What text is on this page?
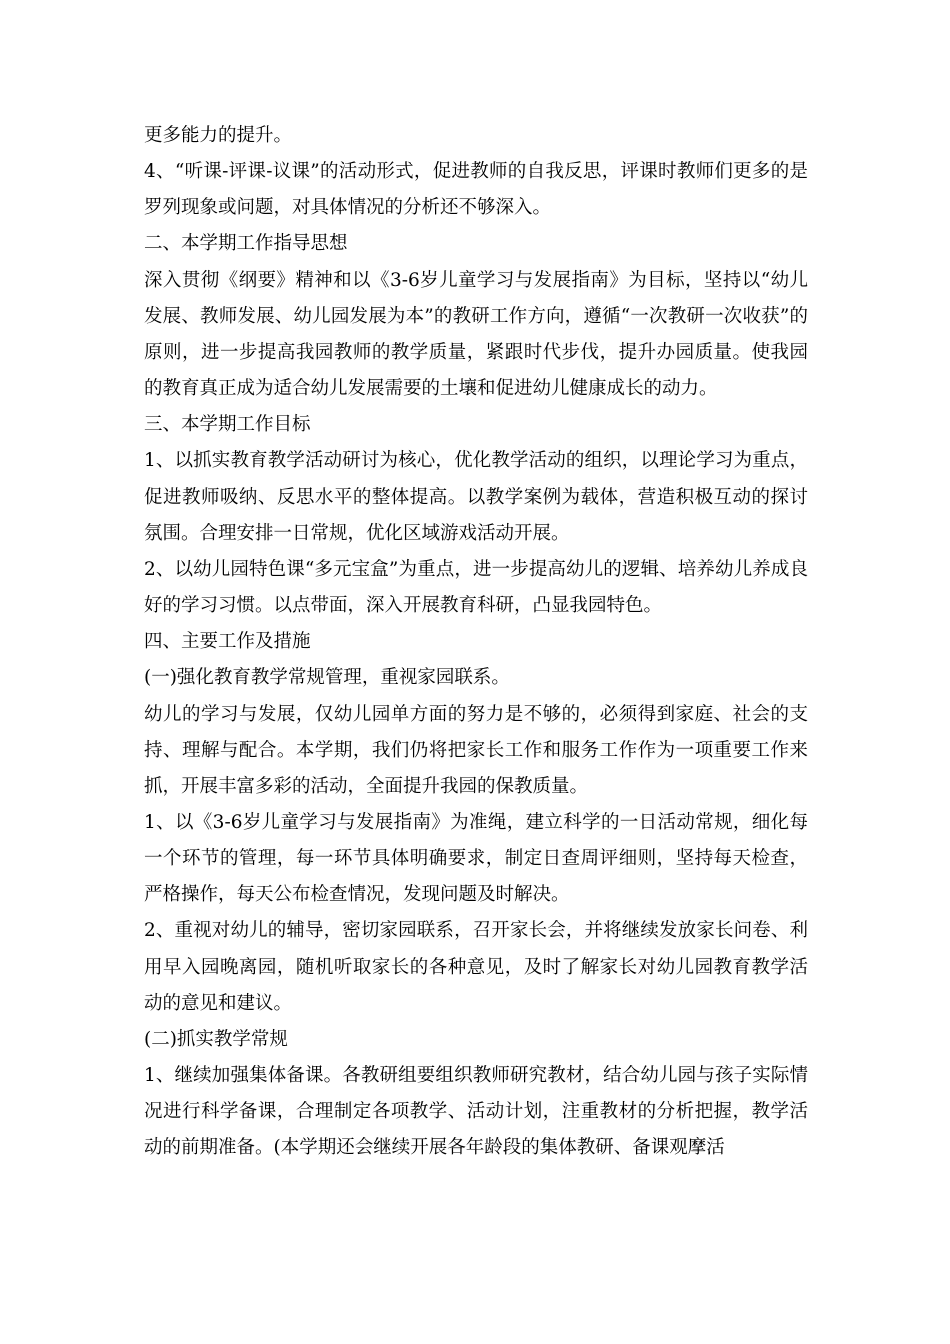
更多能力的提升。

4、“听课-评课-议课”的活动形式，促进教师的自我反思，评课时教师们更多的是罗列现象或问题，对具体情况的分析还不够深入。

二、本学期工作指导思想

深入贯彻《纲要》精神和以《3-6岁儿童学习与发展指南》为目标，坚持以“幼儿发展、教师发展、幼儿园发展为本”的教研工作方向，遵循“一次教研一次收获”的原则，进一步提高我园教师的教学质量，紧跟时代步伐，提升办园质量。使我园的教育真正成为适合幼儿发展需要的土壤和促进幼儿健康成长的动力。

三、本学期工作目标

1、以抓实教育教学活动研讨为核心，优化教学活动的组织，以理论学习为重点，促进教师吸纳、反思水平的整体提高。以教学案例为载体，营造积极互动的探讨氛围。合理安排一日常规，优化区域游戏活动开展。

2、以幼儿园特色课“多元宝盒”为重点，进一步提高幼儿的逻辑、培养幼儿养成良好的学习习惯。以点带面，深入开展教育科研，凸显我园特色。

四、主要工作及措施

(一)强化教育教学常规管理，重视家园联系。

幼儿的学习与发展，仅幼儿园单方面的努力是不够的，必须得到家庭、社会的支持、理解与配合。本学期，我们仍将把家长工作和服务工作作为一项重要工作来抓，开展丰富多彩的活动，全面提升我园的保教质量。

1、以《3-6岁儿童学习与发展指南》为准绳，建立科学的一日活动常规，细化每一个环节的管理，每一环节具体明确要求，制定日查周评细则，坚持每天检查，严格操作，每天公布检查情况，发现问题及时解决。

2、重视对幼儿的辅导，密切家园联系，召开家长会，并将继续发放家长问卷、利用早入园晚离园，随机听取家长的各种意见，及时了解家长对幼儿园教育教学活动的意见和建议。

(二)抓实教学常规

1、继续加强集体备课。各教研组要组织教师研究教材，结合幼儿园与孩子实际情况进行科学备课，合理制定各项教学、活动计划，注重教材的分析把握，教学活动的前期准备。(本学期还会继续开展各年龄段的集体教研、备课观摩活
